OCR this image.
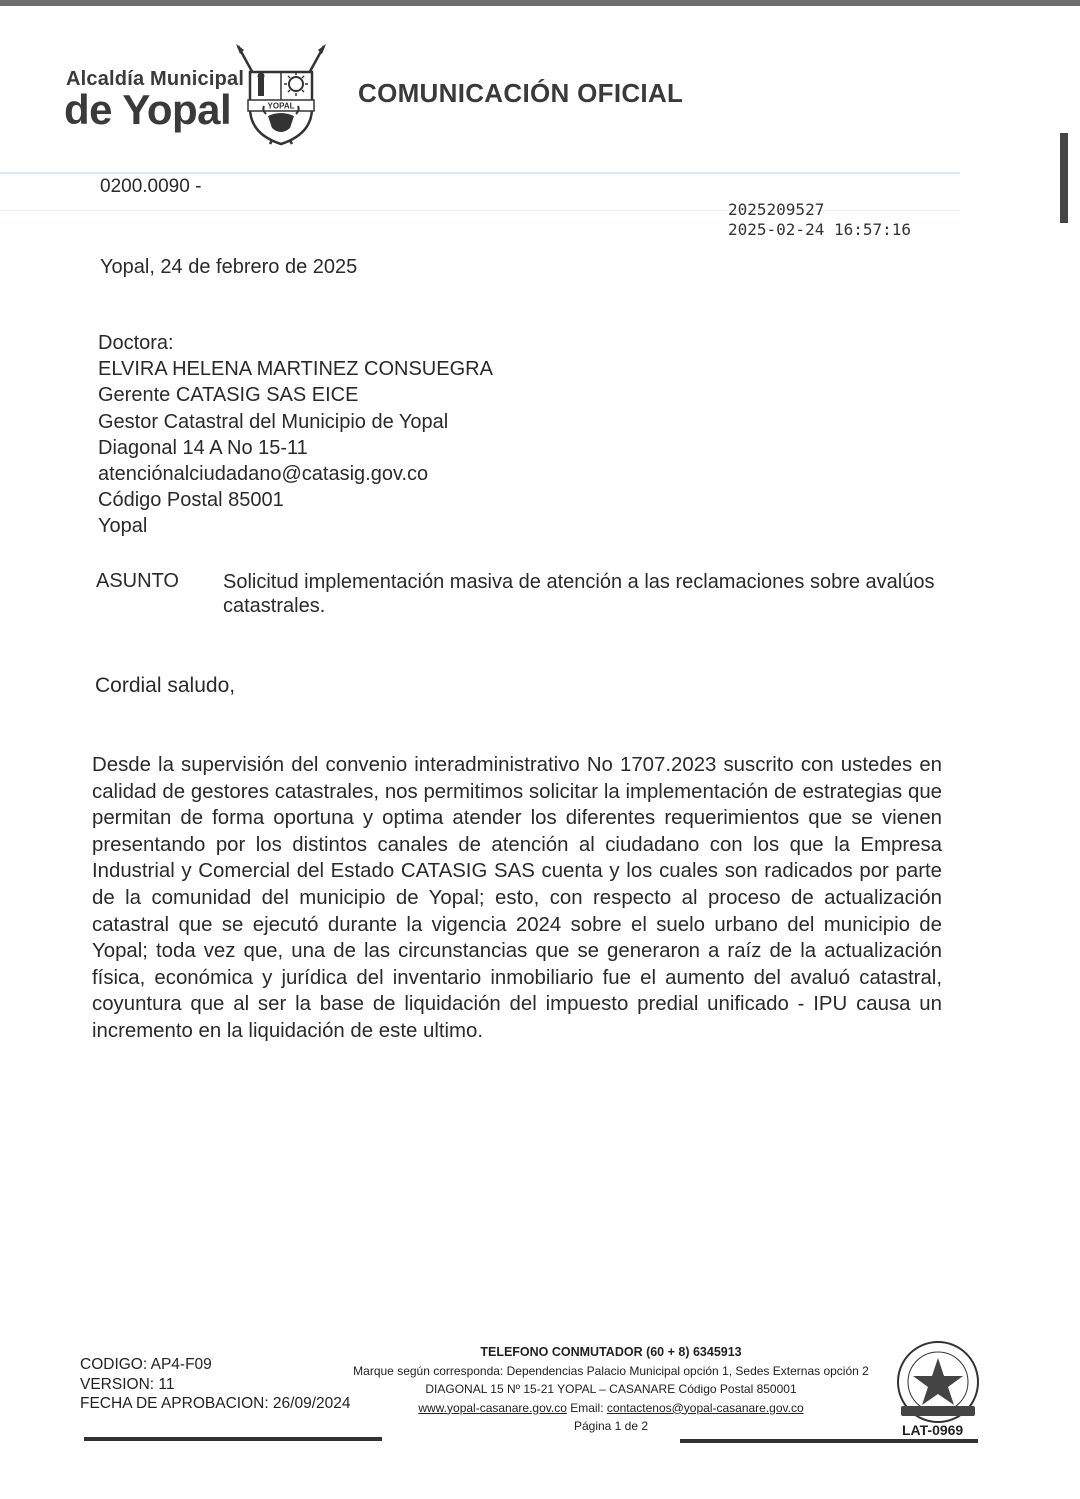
Alcaldía Municipal
de Yopal	YOPAL COMUNICACIÓN OFICIAL
0200.0090 -
2025209527
2025-02-24 16:57:16
Yopal, 24 de febrero de 2025
Doctora:
ELVIRA HELENA MARTINEZ CONSUEGRA
Gerente CATASIG SAS EICE
Gestor Catastral del Municipio de Yopal
Diagonal 14 A No 15-11
atenciónalciudadano@catasig.gov.co
Código Postal 85001
Yopal
ASUNTO Solicitud implementación masiva de atención a las reclamaciones sobre avalúos catastrales.
Cordial saludo,
Desde la supervisión del convenio interadministrativo No 1707.2023 suscrito con ustedes en calidad de gestores catastrales, nos permitimos solicitar la implementación de estrategias que permitan de forma oportuna y optima atender los diferentes requerimientos que se vienen presentando por los distintos canales de atención al ciudadano con los que la Empresa Industrial y Comercial del Estado CATASIG SAS cuenta y los cuales son radicados por parte de la comunidad del municipio de Yopal; esto, con respecto al proceso de actualización catastral que se ejecutó durante la vigencia 2024 sobre el suelo urbano del municipio de Yopal; toda vez que, una de las circunstancias que se generaron a raíz de la actualización física, económica y jurídica del inventario inmobiliario fue el aumento del avaluó catastral, coyuntura que al ser la base de liquidación del impuesto predial unificado - IPU causa un incremento en la liquidación de este ultimo.
CODIGO: AP4-F09
VERSION: 11
FECHA DE APROBACION: 26/09/2024
TELEFONO CONMUTADOR (60 + 8) 6345913
Marque según corresponda: Dependencias Palacio Municipal opción 1, Sedes Externas opción 2
DIAGONAL 15 Nº 15-21 YOPAL – CASANARE Código Postal 850001
www.yopal-casanare.gov.co Email: contactenos@yopal-casanare.gov.co
Página 1 de 2	LAT-0969
